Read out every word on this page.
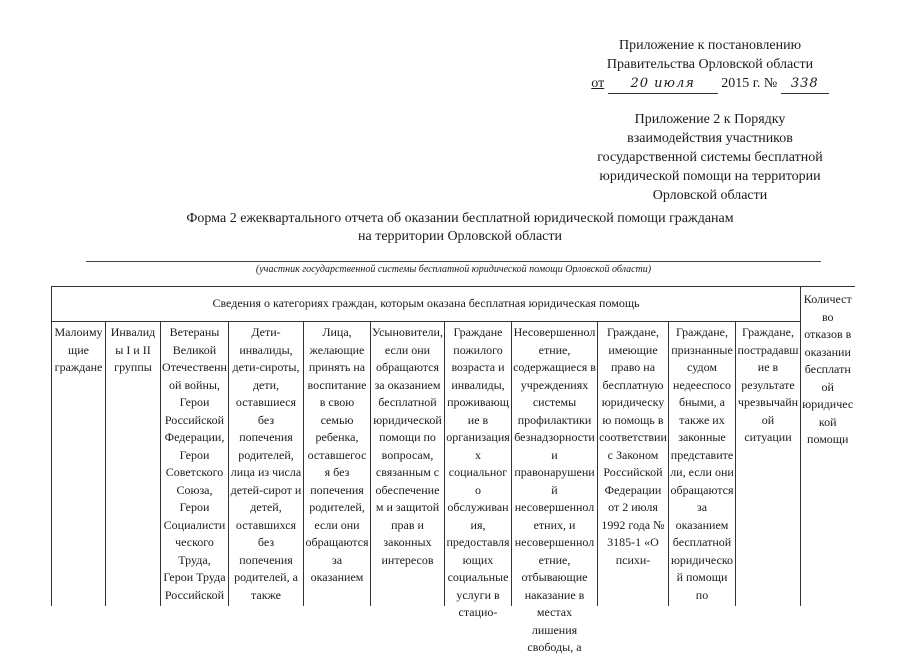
Приложение к постановлению
Правительства Орловской области
от 20 июля 2015 г. № 338
Приложение 2 к Порядку
взаимодействия участников
государственной системы бесплатной
юридической помощи на территории
Орловской области
Форма 2 ежеквартального отчета об оказании бесплатной юридической помощи гражданам
на территории Орловской области
(участник государственной системы бесплатной юридической помощи Орловской области)
Сведения о категориях граждан, которым оказана бесплатная юридическая помощь											Количество отказов в оказании бесплатной юридической помощи

Малоимущие граждане	Инвалиды I и II группы	Ветераны Великой Отечественной войны, Герои Российской Федерации, Герои Советского Союза, Герои Социалистического Труда, Герои Труда Российской	Дети-инвалиды, дети-сироты, дети, оставшиеся без попечения родителей, лица из числа детей-сирот и детей, оставшихся без попечения родителей, а также	Лица, желающие принять на воспитание в свою семью ребенка, оставшегося без попечения родителей, если они обращаются за оказанием	Усыновители, если они обращаются за оказанием бесплатной юридической помощи по вопросам, связанным с обеспечением и защитой прав и законных интересов	Граждане пожилого возраста и инвалиды, проживающие в организациях социального обслуживания, предоставляющих социальные услуги в стацио-	Несовершеннолетние, содержащиеся в учреждениях системы профилактики безнадзорности и правонарушений несовершеннолетних, и несовершеннолетние, отбывающие наказание в местах лишения свободы, а	Граждане, имеющие право на бесплатную юридическую помощь в соответствии с Законом Российской Федерации от 2 июля 1992 года № 3185-1 «О психи-	Граждане, признанные судом недееспособными, а также их законные представители, если они обращаются за оказанием бесплатной юридической помощи по	Граждане, пострадавшие в результате чрезвычайной ситуации	
